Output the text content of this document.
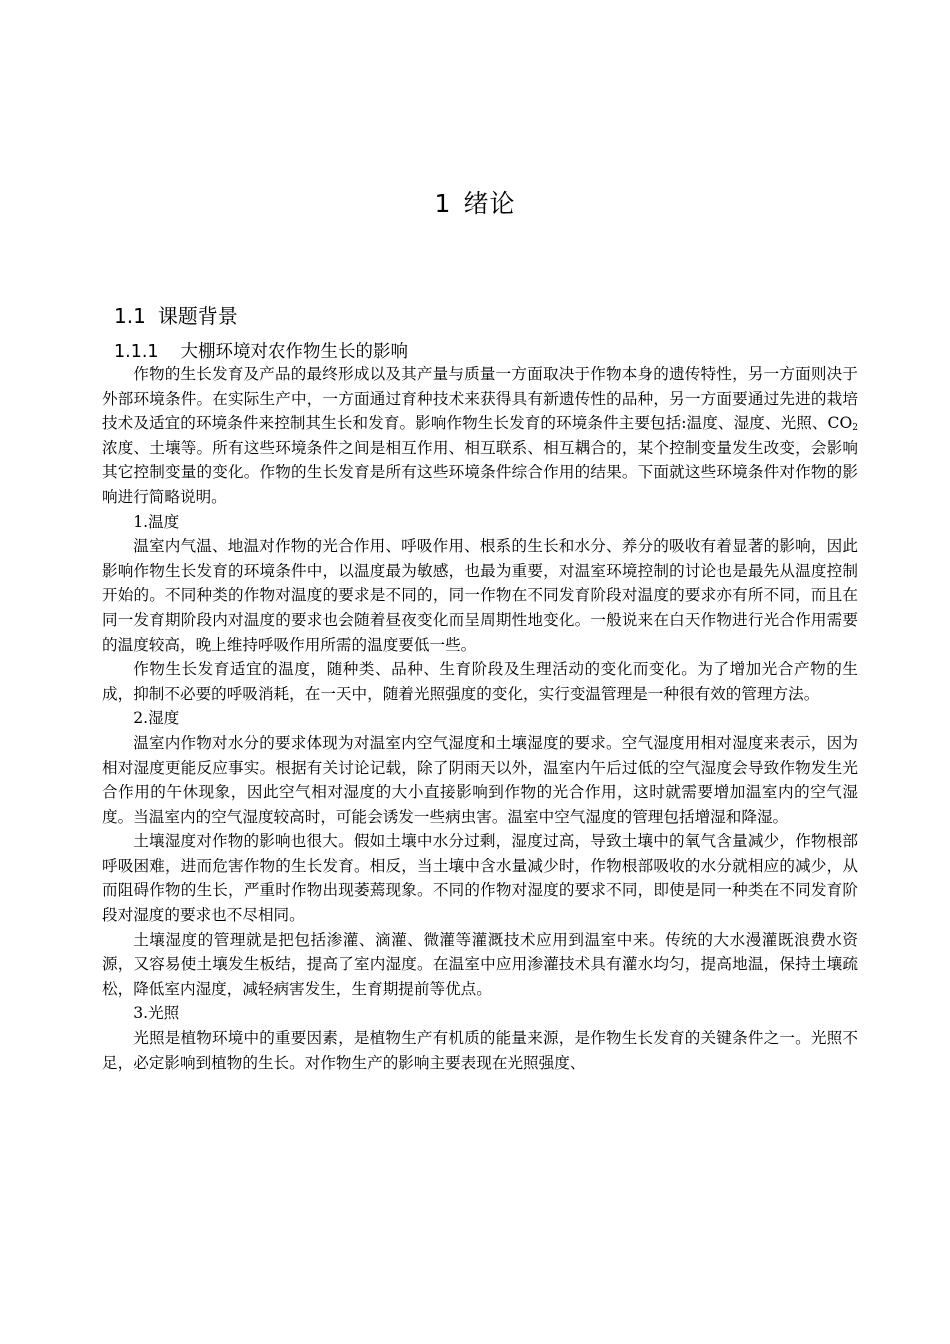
1 绪论
1.1 课题背景
1.1.1 大棚环境对农作物生长的影响

作物的生长发育及产品的最终形成以及其产量与质量一方面取决于作物本身的遗传特性，另一方面则决于外部环境条件。在实际生产中，一方面通过育种技术来获得具有新遗传性的品种，另一方面要通过先进的栽培技术及适宜的环境条件来控制其生长和发育。影响作物生长发育的环境条件主要包括:温度、湿度、光照、$CO_2$浓度、土壤等。所有这些环境条件之间是相互作用、相互联系、相互耦合的，某个控制变量发生改变，会影响其它控制变量的变化。作物的生长发育是所有这些环境条件综合作用的结果。下面就这些环境条件对作物的影响进行简略说明。

1.温度

温室内气温、地温对作物的光合作用、呼吸作用、根系的生长和水分、养分的吸收有着显著的影响，因此影响作物生长发育的环境条件中，以温度最为敏感，也最为重要，对温室环境控制的讨论也是最先从温度控制开始的。不同种类的作物对温度的要求是不同的，同一作物在不同发育阶段对温度的要求亦有所不同，而且在同一发育期阶段内对温度的要求也会随着昼夜变化而呈周期性地变化。一般说来在白天作物进行光合作用需要的温度较高，晚上维持呼吸作用所需的温度要低一些。

作物生长发育适宜的温度，随种类、品种、生育阶段及生理活动的变化而变化。为了增加光合产物的生成，抑制不必要的呼吸消耗，在一天中，随着光照强度的变化，实行变温管理是一种很有效的管理方法。

2.湿度

温室内作物对水分的要求体现为对温室内空气湿度和土壤湿度的要求。空气湿度用相对湿度来表示，因为相对湿度更能反应事实。根据有关讨论记载，除了阴雨天以外，温室内午后过低的空气湿度会导致作物发生光合作用的午休现象，因此空气相对湿度的大小直接影响到作物的光合作用，这时就需要增加温室内的空气湿度。当温室内的空气湿度较高时，可能会诱发一些病虫害。温室中空气湿度的管理包括增湿和降湿。

土壤湿度对作物的影响也很大。假如土壤中水分过剩，湿度过高，导致土壤中的氧气含量减少，作物根部呼吸困难，进而危害作物的生长发育。相反，当土壤中含水量减少时，作物根部吸收的水分就相应的减少，从而阻碍作物的生长，严重时作物出现萎蔫现象。不同的作物对湿度的要求不同，即使是同一种类在不同发育阶段对湿度的要求也不尽相同。

土壤湿度的管理就是把包括渗灌、滴灌、微灌等灌溉技术应用到温室中来。传统的大水漫灌既浪费水资源，又容易使土壤发生板结，提高了室内湿度。在温室中应用渗灌技术具有灌水均匀，提高地温，保持土壤疏松，降低室内湿度，减轻病害发生，生育期提前等优点。

3.光照

光照是植物环境中的重要因素，是植物生产有机质的能量来源，是作物生长发育的关键条件之一。光照不足，必定影响到植物的生长。对作物生产的影响主要表现在光照强度、
